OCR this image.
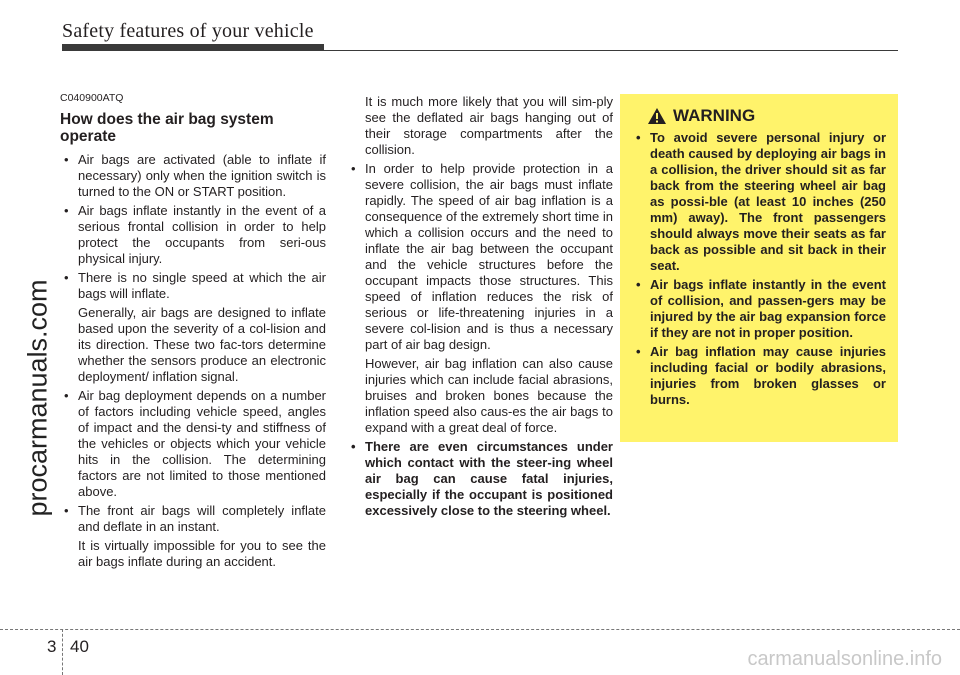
Safety features of your vehicle
procarmanuals.com

C040900ATQ

How does the air bag system operate

• Air bags are activated (able to inflate if necessary) only when the ignition switch is turned to the ON or START position.
• Air bags inflate instantly in the event of a serious frontal collision in order to help protect the occupants from seri-ous physical injury.
• There is no single speed at which the air bags will inflate.

Generally, air bags are designed to inflate based upon the severity of a col-lision and its direction. These two fac-tors determine whether the sensors produce an electronic deployment/ inflation signal.

• Air bag deployment depends on a number of factors including vehicle speed, angles of impact and the densi-ty and stiffness of the vehicles or objects which your vehicle hits in the collision. The determining factors are not limited to those mentioned above.
• The front air bags will completely inflate and deflate in an instant.

It is virtually impossible for you to see the air bags inflate during an accident.

It is much more likely that you will sim-ply see the deflated air bags hanging out of their storage compartments after the collision.

• In order to help provide protection in a severe collision, the air bags must inflate rapidly. The speed of air bag inflation is a consequence of the extremely short time in which a collision occurs and the need to inflate the air bag between the occupant and the vehicle structures before the occupant impacts those structures. This speed of inflation reduces the risk of serious or life-threatening injuries in a severe col-lision and is thus a necessary part of air bag design.

However, air bag inflation can also cause injuries which can include facial abrasions, bruises and broken bones because the inflation speed also caus-es the air bags to expand with a great deal of force.

• There are even circumstances under which contact with the steer-ing wheel air bag can cause fatal injuries, especially if the occupant is positioned excessively close to the steering wheel.
WARNING
• To avoid severe personal injury or death caused by deploying air bags in a collision, the driver should sit as far back from the steering wheel air bag as possi-ble (at least 10 inches (250 mm) away). The front passengers should always move their seats as far back as possible and sit back in their seat.
• Air bags inflate instantly in the event of collision, and passen-gers may be injured by the air bag expansion force if they are not in proper position.
• Air bag inflation may cause injuries including facial or bodily abrasions, injuries from broken glasses or burns.
3 40
carmanualsonline.info
